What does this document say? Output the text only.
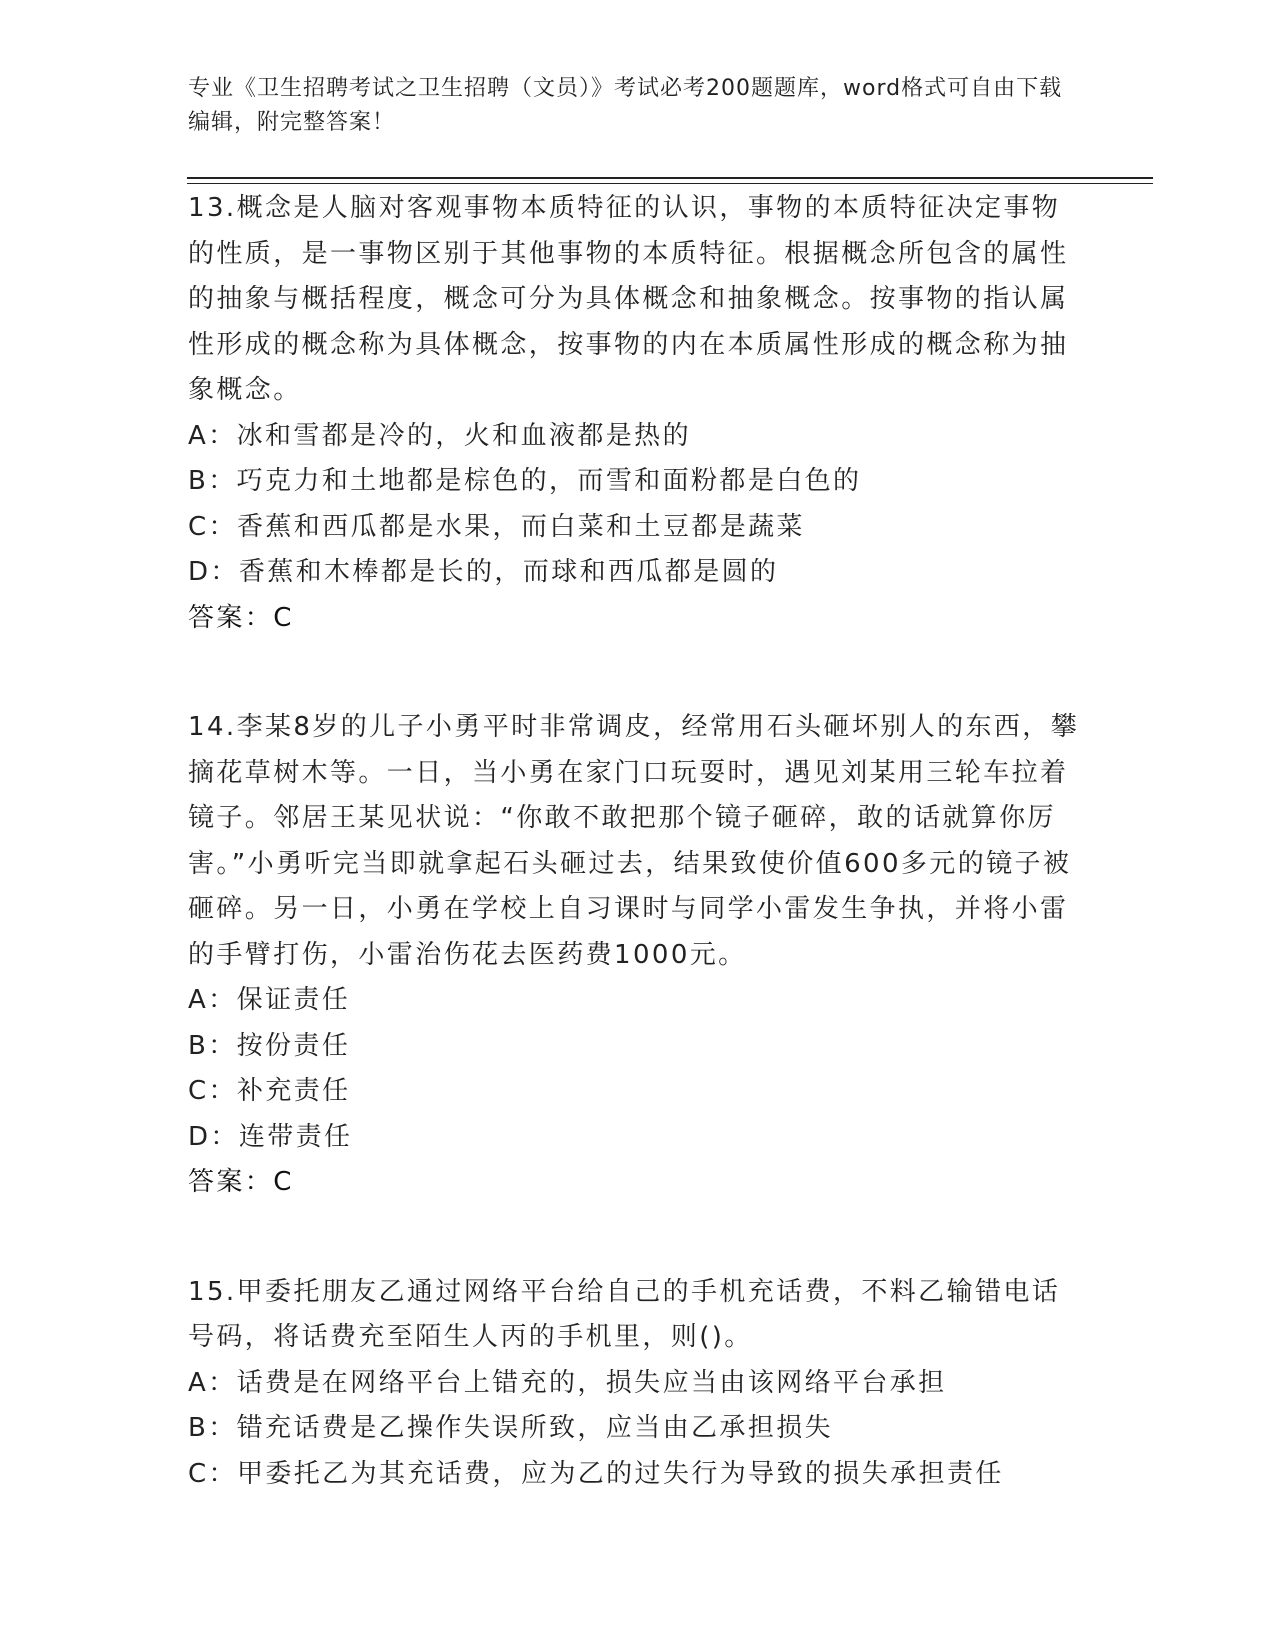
专业《卫生招聘考试之卫生招聘（文员）》考试必考200题题库，word格式可自由下载编辑，附完整答案！

13.概念是人脑对客观事物本质特征的认识，事物的本质特征决定事物的性质，是一事物区别于其他事物的本质特征。根据概念所包含的属性的抽象与概括程度，概念可分为具体概念和抽象概念。按事物的指认属性形成的概念称为具体概念，按事物的内在本质属性形成的概念称为抽象概念。

A：冰和雪都是冷的，火和血液都是热的

B：巧克力和土地都是棕色的，而雪和面粉都是白色的

C：香蕉和西瓜都是水果，而白菜和土豆都是蔬菜

D：香蕉和木棒都是长的，而球和西瓜都是圆的

答案：C

14.李某8岁的儿子小勇平时非常调皮，经常用石头砸坏别人的东西，攀摘花草树木等。一日，当小勇在家门口玩耍时，遇见刘某用三轮车拉着镜子。邻居王某见状说：“你敢不敢把那个镜子砸碎，敢的话就算你厉害。”小勇听完当即就拿起石头砸过去，结果致使价值600多元的镜子被砸碎。另一日，小勇在学校上自习课时与同学小雷发生争执，并将小雷的手臂打伤，小雷治伤花去医药费1000元。

A：保证责任

B：按份责任

C：补充责任

D：连带责任

答案：C

15.甲委托朋友乙通过网络平台给自己的手机充话费，不料乙输错电话号码，将话费充至陌生人丙的手机里，则()。

A：话费是在网络平台上错充的，损失应当由该网络平台承担

B：错充话费是乙操作失误所致，应当由乙承担损失

C：甲委托乙为其充话费，应为乙的过失行为导致的损失承担责任
